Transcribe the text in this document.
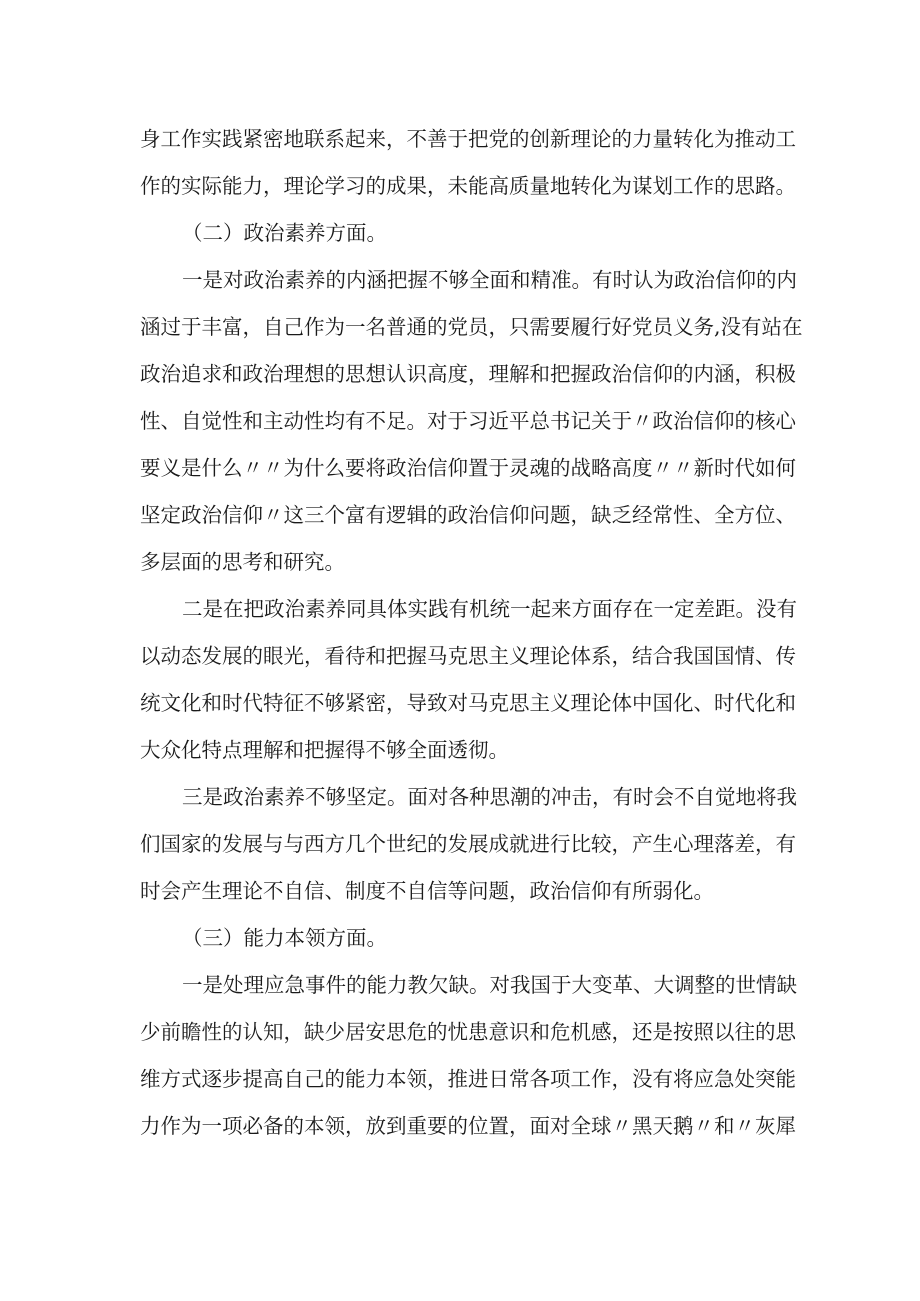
身工作实践紧密地联系起来，不善于把党的创新理论的力量转化为推动工
作的实际能力，理论学习的成果，未能高质量地转化为谋划工作的思路。
（二）政治素养方面。
一是对政治素养的内涵把握不够全面和精准。有时认为政治信仰的内
涵过于丰富，自己作为一名普通的党员，只需要履行好党员义务,没有站在
政治追求和政治理想的思想认识高度，理解和把握政治信仰的内涵，积极
性、自觉性和主动性均有不足。对于习近平总书记关于〃政治信仰的核心
要义是什么〃〃为什么要将政治信仰置于灵魂的战略高度〃〃新时代如何
坚定政治信仰〃这三个富有逻辑的政治信仰问题，缺乏经常性、全方位、
多层面的思考和研究。
二是在把政治素养同具体实践有机统一起来方面存在一定差距。没有
以动态发展的眼光，看待和把握马克思主义理论体系，结合我国国情、传
统文化和时代特征不够紧密，导致对马克思主义理论体中国化、时代化和
大众化特点理解和把握得不够全面透彻。
三是政治素养不够坚定。面对各种思潮的冲击，有时会不自觉地将我
们国家的发展与与西方几个世纪的发展成就进行比较，产生心理落差，有
时会产生理论不自信、制度不自信等问题，政治信仰有所弱化。
（三）能力本领方面。
一是处理应急事件的能力教欠缺。对我国于大变革、大调整的世情缺
少前瞻性的认知，缺少居安思危的忧患意识和危机感，还是按照以往的思
维方式逐步提高自己的能力本领，推进日常各项工作，没有将应急处突能
力作为一项必备的本领，放到重要的位置，面对全球〃黑天鹅〃和〃灰犀
